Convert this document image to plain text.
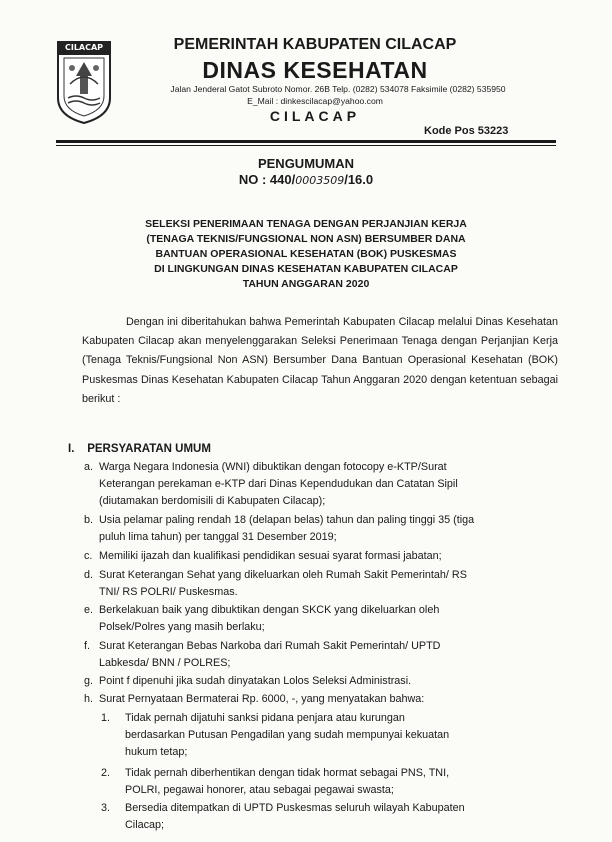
CILACAP	PEMERINTAH KABUPATEN CILACAP
DINAS KESEHATAN
Jalan Jenderal Gatot Subroto Nomor. 26B Telp. (0282) 534078 Faksimile (0282) 535950
E_Mail : dinkescilacap@yahoo.com
CILACAP
Kode Pos 53223
PENGUMUMAN
NO : 440/0003509/16.0
SELEKSI PENERIMAAN TENAGA DENGAN PERJANJIAN KERJA
(TENAGA TEKNIS/FUNGSIONAL NON ASN) BERSUMBER DANA
BANTUAN OPERASIONAL KESEHATAN (BOK) PUSKESMAS
DI LINGKUNGAN DINAS KESEHATAN KABUPATEN CILACAP
TAHUN ANGGARAN 2020
Dengan ini diberitahukan bahwa Pemerintah Kabupaten Cilacap melalui Dinas Kesehatan Kabupaten Cilacap akan menyelenggarakan Seleksi Penerimaan Tenaga dengan Perjanjian Kerja (Tenaga Teknis/Fungsional Non ASN) Bersumber Dana Bantuan Operasional Kesehatan (BOK) Puskesmas Dinas Kesehatan Kabupaten Cilacap Tahun Anggaran 2020 dengan ketentuan sebagai berikut :
I. PERSYARATAN UMUM
a. Warga Negara Indonesia (WNI) dibuktikan dengan fotocopy e-KTP/Surat
Keterangan perekaman e-KTP dari Dinas Kependudukan dan Catatan Sipil
(diutamakan berdomisili di Kabupaten Cilacap);
b. Usia pelamar paling rendah 18 (delapan belas) tahun dan paling tinggi 35 (tiga
puluh lima tahun) per tanggal 31 Desember 2019;
c. Memiliki ijazah dan kualifikasi pendidikan sesuai syarat formasi jabatan;
d. Surat Keterangan Sehat yang dikeluarkan oleh Rumah Sakit Pemerintah/ RS
TNI/ RS POLRI/ Puskesmas.
e. Berkelakuan baik yang dibuktikan dengan SKCK yang dikeluarkan oleh
Polsek/Polres yang masih berlaku;
f. Surat Keterangan Bebas Narkoba dari Rumah Sakit Pemerintah/ UPTD
Labkesda/ BNN / POLRES;
g. Point f dipenuhi jika sudah dinyatakan Lolos Seleksi Administrasi.
h. Surat Pernyataan Bermaterai Rp. 6000, -, yang menyatakan bahwa:
1. Tidak pernah dijatuhi sanksi pidana penjara atau kurungan
berdasarkan Putusan Pengadilan yang sudah mempunyai kekuatan
hukum tetap;
2. Tidak pernah diberhentikan dengan tidak hormat sebagai PNS, TNI,
POLRI, pegawai honorer, atau sebagai pegawai swasta;
3. Bersedia ditempatkan di UPTD Puskesmas seluruh wilayah Kabupaten
Cilacap;
